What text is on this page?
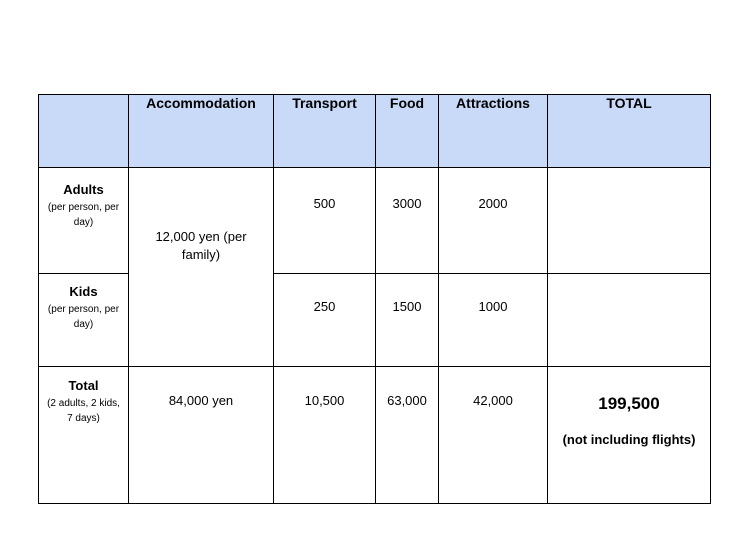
	Accommodation	Transport	Food	Attractions	TOTAL

Adults
(per person, per day)	12,000 yen (per family)	500	3000	2000	

Kids
(per person, per day)		250	1500	1000	

Total
(2 adults, 2 kids, 7 days)	84,000 yen	10,500	63,000	42,000	199,500
(not including flights)
